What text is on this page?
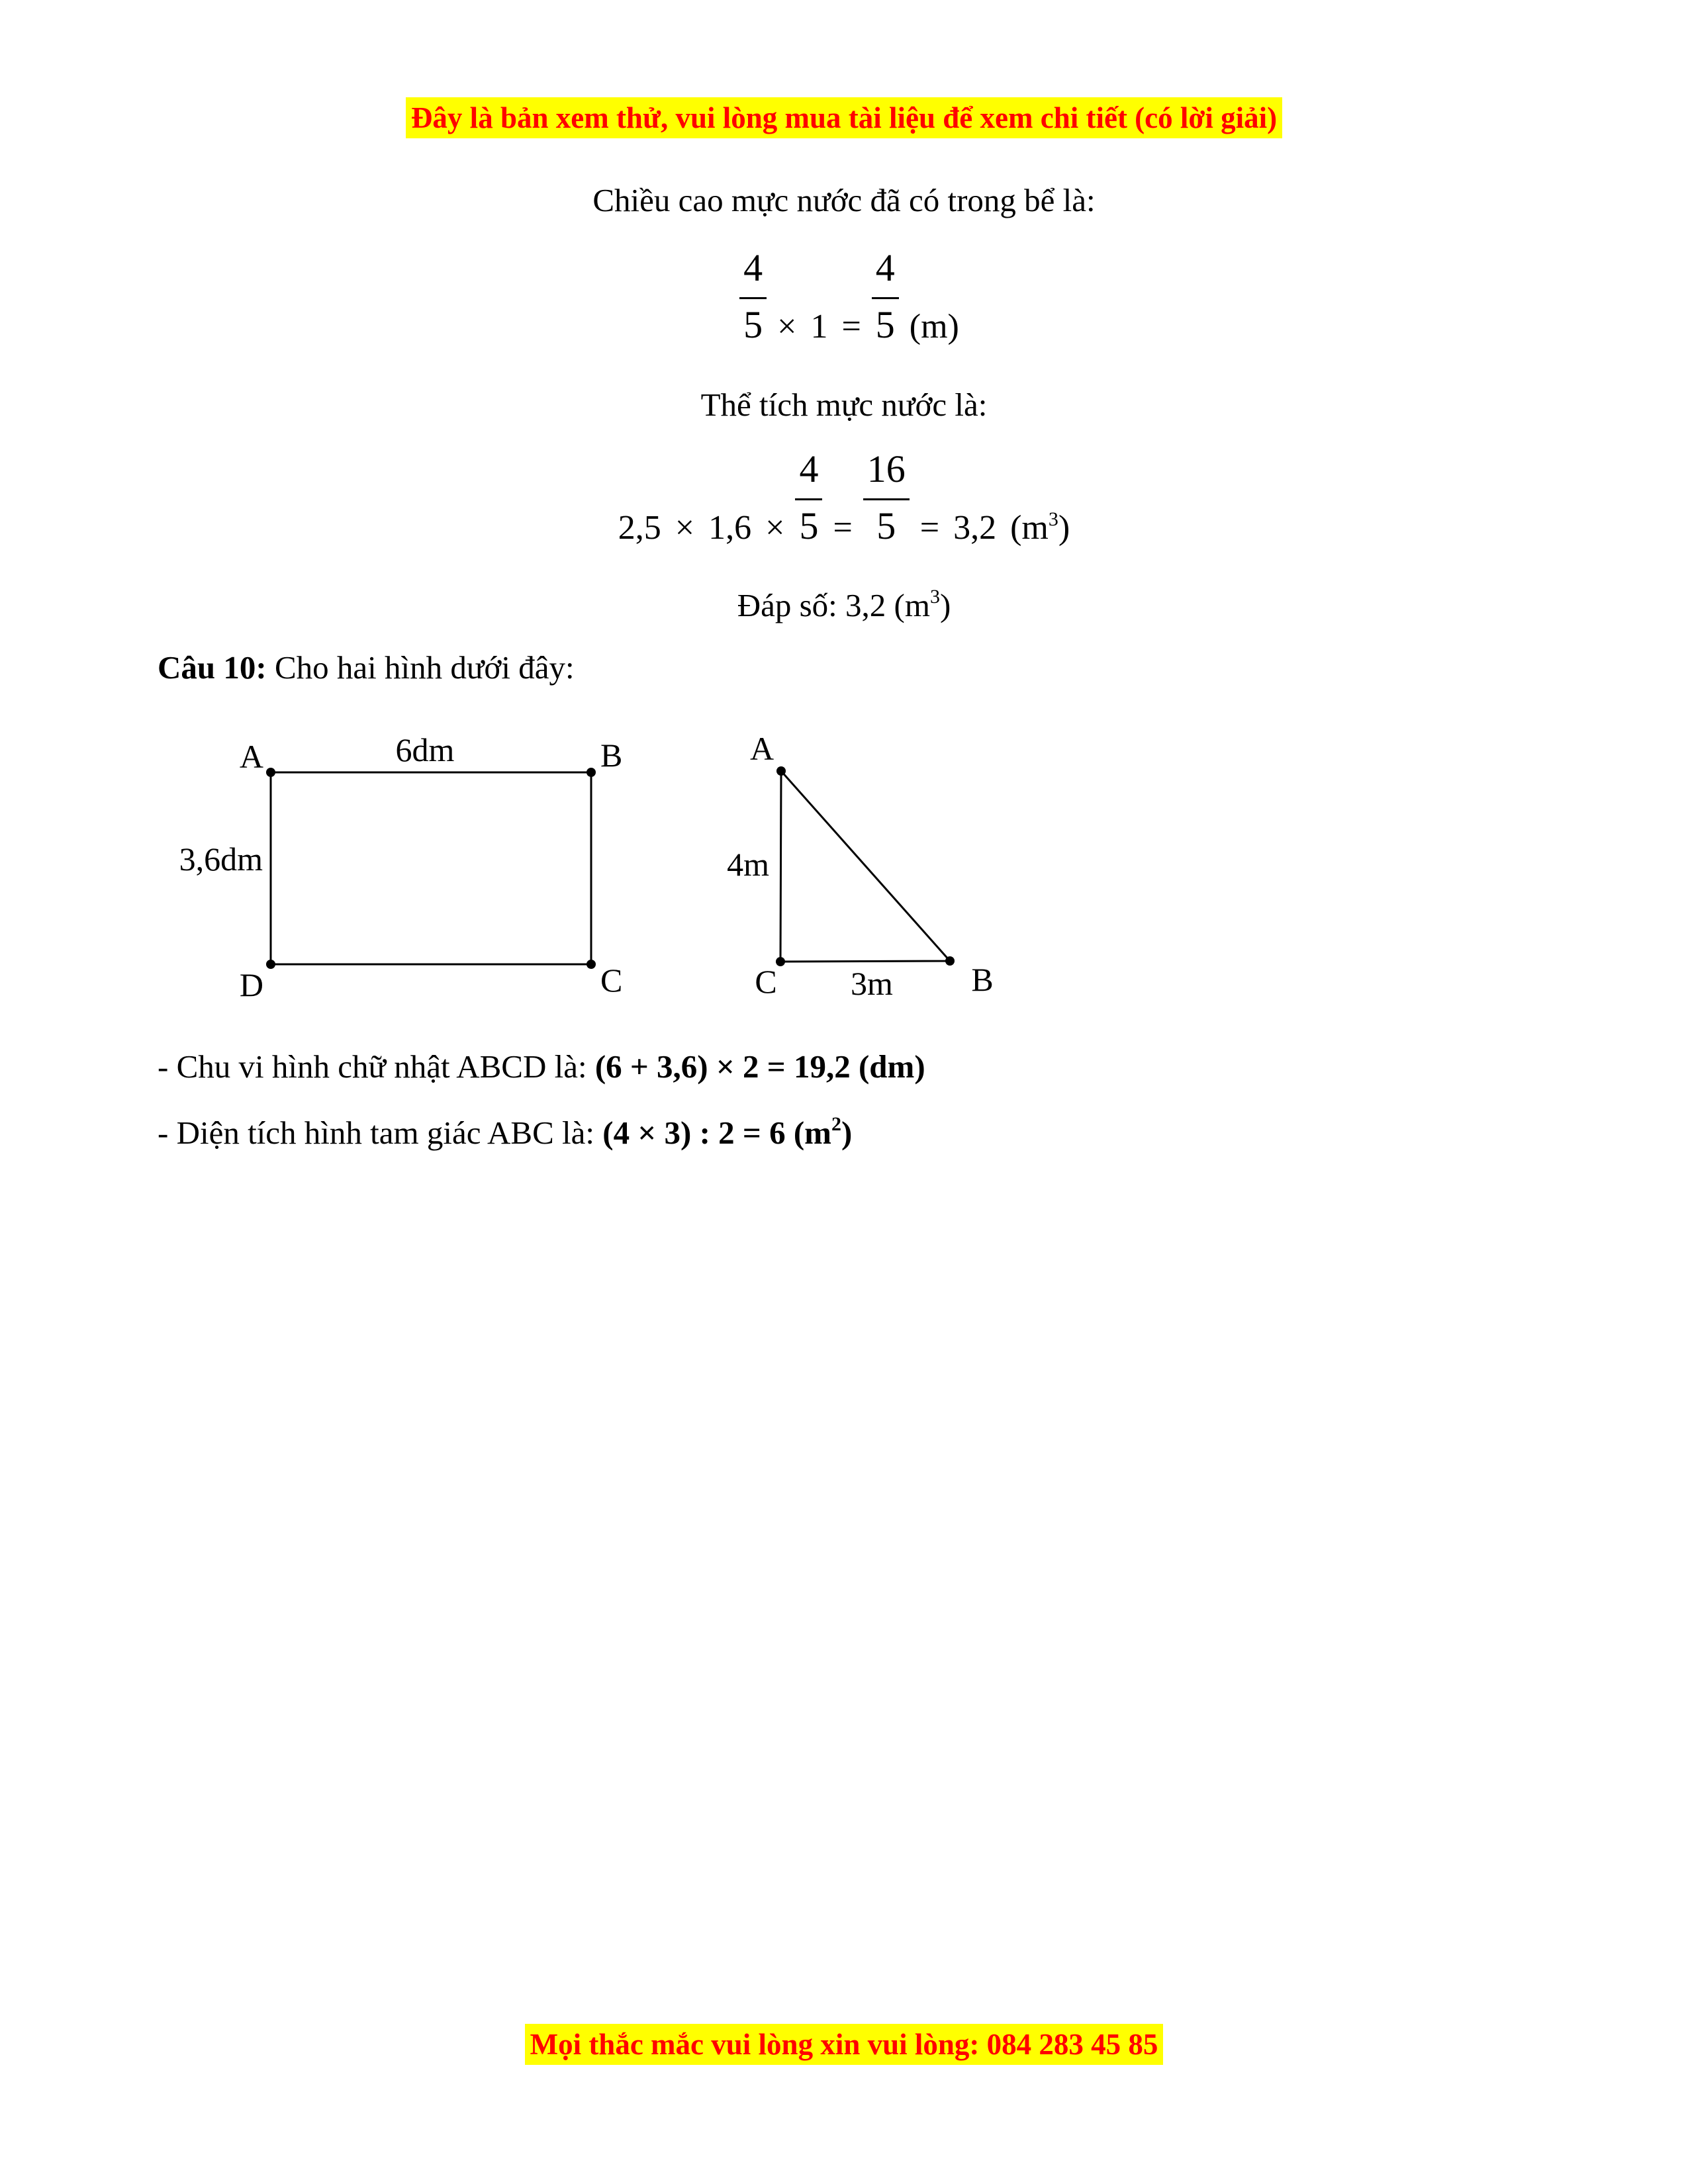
Đây là bản xem thử, vui lòng mua tài liệu để xem chi tiết (có lời giải)

Chiều cao mực nước đã có trong bể là:

$\frac{4}{5} \times 1 = \frac{4}{5} (m)$

Thể tích mực nước là:

$2,5 \times 1,6 \times \frac{4}{5} = \frac{16}{5} = 3,2$ $(m^3)$

Đáp số: 3,2 $(m^3)$

Câu 10: Cho hai hình dưới đây:

A	B
C
D
6dm
3,6dm
A
B
C
4m
3m

- Chu vi hình chữ nhật ABCD là: (6 + 3,6) × 2 = 19,2 (dm)

- Diện tích hình tam giác ABC là: (4 × 3) : 2 = 6 $(m^2)$

Mọi thắc mắc vui lòng xin vui lòng: 084 283 45 85
